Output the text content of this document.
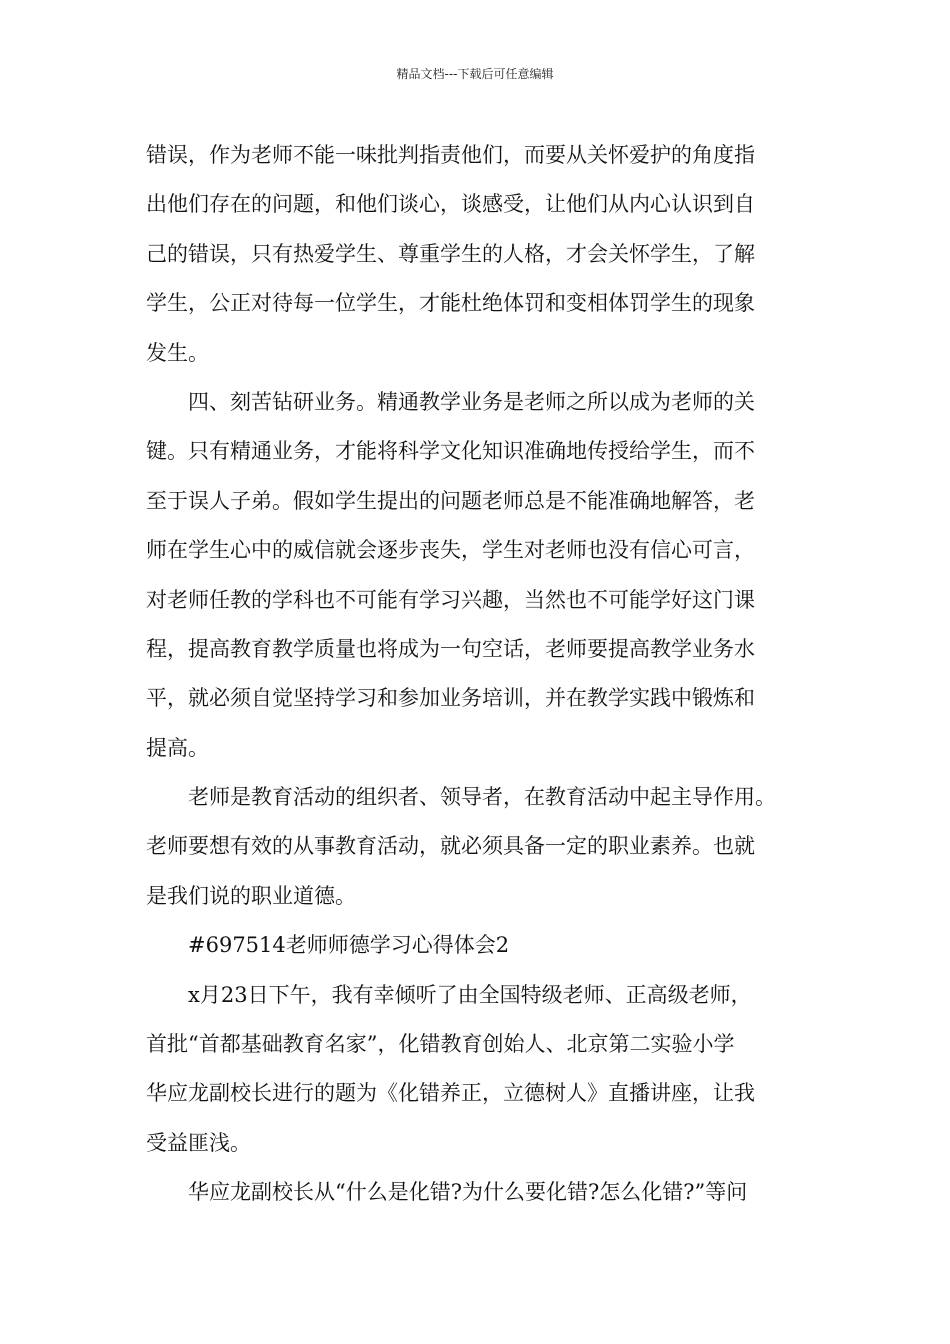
精品文档---下载后可任意编辑
错误，作为老师不能一味批判指责他们，而要从关怀爱护的角度指
出他们存在的问题，和他们谈心，谈感受，让他们从内心认识到自
己的错误，只有热爱学生、尊重学生的人格，才会关怀学生，了解
学生，公正对待每一位学生，才能杜绝体罚和变相体罚学生的现象
发生。
四、刻苦钻研业务。精通教学业务是老师之所以成为老师的关
键。只有精通业务，才能将科学文化知识准确地传授给学生，而不
至于误人子弟。假如学生提出的问题老师总是不能准确地解答，老
师在学生心中的威信就会逐步丧失，学生对老师也没有信心可言，
对老师任教的学科也不可能有学习兴趣，当然也不可能学好这门课
程，提高教育教学质量也将成为一句空话，老师要提高教学业务水
平，就必须自觉坚持学习和参加业务培训，并在教学实践中锻炼和
提高。
老师是教育活动的组织者、领导者，在教育活动中起主导作用。
老师要想有效的从事教育活动，就必须具备一定的职业素养。也就
是我们说的职业道德。
#697514老师师德学习心得体会2
x月23日下午，我有幸倾听了由全国特级老师、正高级老师，
首批“首都基础教育名家”，化错教育创始人、北京第二实验小学
华应龙副校长进行的题为《化错养正，立德树人》直播讲座，让我
受益匪浅。
华应龙副校长从“什么是化错?为什么要化错?怎么化错?”等问
